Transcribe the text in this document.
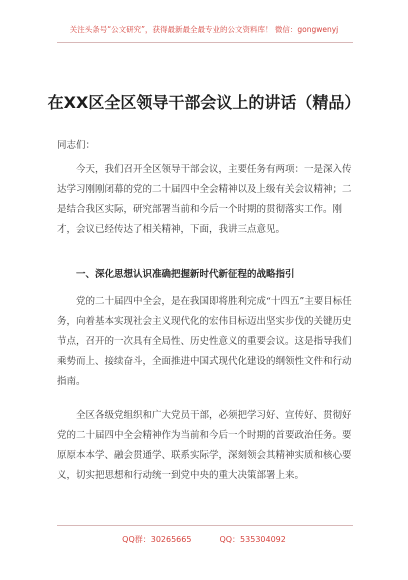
关注头条号“公文研究”，获得最新最全最专业的公文资料库！ 微信：gongwenyj
在XX区全区领导干部会议上的讲话（精品）
同志们：
今天，我们召开全区领导干部会议，主要任务有两项：一是深入传达学习刚刚闭幕的党的二十届四中全会精神以及上级有关会议精神；二是结合我区实际，研究部署当前和今后一个时期的贯彻落实工作。刚才，会议已经传达了相关精神，下面，我讲三点意见。
一、深化思想认识准确把握新时代新征程的战略指引
党的二十届四中全会，是在我国即将胜利完成“十四五”主要目标任务，向着基本实现社会主义现代化的宏伟目标迈出坚实步伐的关键历史节点，召开的一次具有全局性、历史性意义的重要会议。这是指导我们乘势而上、接续奋斗，全面推进中国式现代化建设的纲领性文件和行动指南。
全区各级党组织和广大党员干部，必须把学习好、宣传好、贯彻好党的二十届四中全会精神作为当前和今后一个时期的首要政治任务。要原原本本学、融会贯通学、联系实际学，深刻领会其精神实质和核心要义，切实把思想和行动统一到党中央的重大决策部署上来。
QQ群：30265665	QQ：535304092
